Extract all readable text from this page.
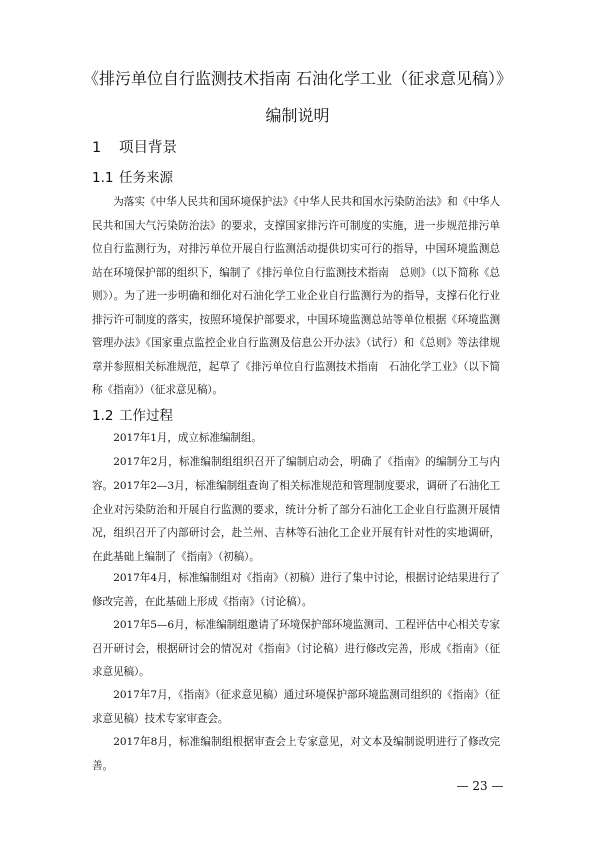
《排污单位自行监测技术指南 石油化学工业（征求意见稿）》
编制说明
1 项目背景
1.1 任务来源
为落实《中华人民共和国环境保护法》《中华人民共和国水污染防治法》和《中华人民共和国大气污染防治法》的要求，支撑国家排污许可制度的实施，进一步规范排污单位自行监测行为，对排污单位开展自行监测活动提供切实可行的指导，中国环境监测总站在环境保护部的组织下，编制了《排污单位自行监测技术指南　总则》（以下简称《总则》）。为了进一步明确和细化对石油化学工业企业自行监测行为的指导，支撑石化行业排污许可制度的落实，按照环境保护部要求，中国环境监测总站等单位根据《环境监测管理办法》《国家重点监控企业自行监测及信息公开办法》（试行）和《总则》等法律规章并参照相关标准规范，起草了《排污单位自行监测技术指南　石油化学工业》（以下简称《指南》）（征求意见稿）。
1.2 工作过程
2017年1月，成立标准编制组。
2017年2月，标准编制组组织召开了编制启动会，明确了《指南》的编制分工与内容。 2017年2—3月，标准编制组查询了相关标准规范和管理制度要求，调研了石油化工企业对污染防治和开展自行监测的要求，统计分析了部分石油化工企业自行监测开展情况，组织召开了内部研讨会，赴兰州、吉林等石油化工企业开展有针对性的实地调研，在此基础上编制了《指南》（初稿）。
2017年4月，标准编制组对《指南》（初稿）进行了集中讨论，根据讨论结果进行了修改完善，在此基础上形成《指南》（讨论稿）。
2017年5—6月，标准编制组邀请了环境保护部环境监测司、工程评估中心相关专家召开研讨会，根据研讨会的情况对《指南》（讨论稿）进行修改完善，形成《指南》（征求意见稿）。
2017年7月，《指南》（征求意见稿）通过环境保护部环境监测司组织的《指南》（征求意见稿）技术专家审查会。
2017年8月，标准编制组根据审查会上专家意见，对文本及编制说明进行了修改完善。
— 23 —
